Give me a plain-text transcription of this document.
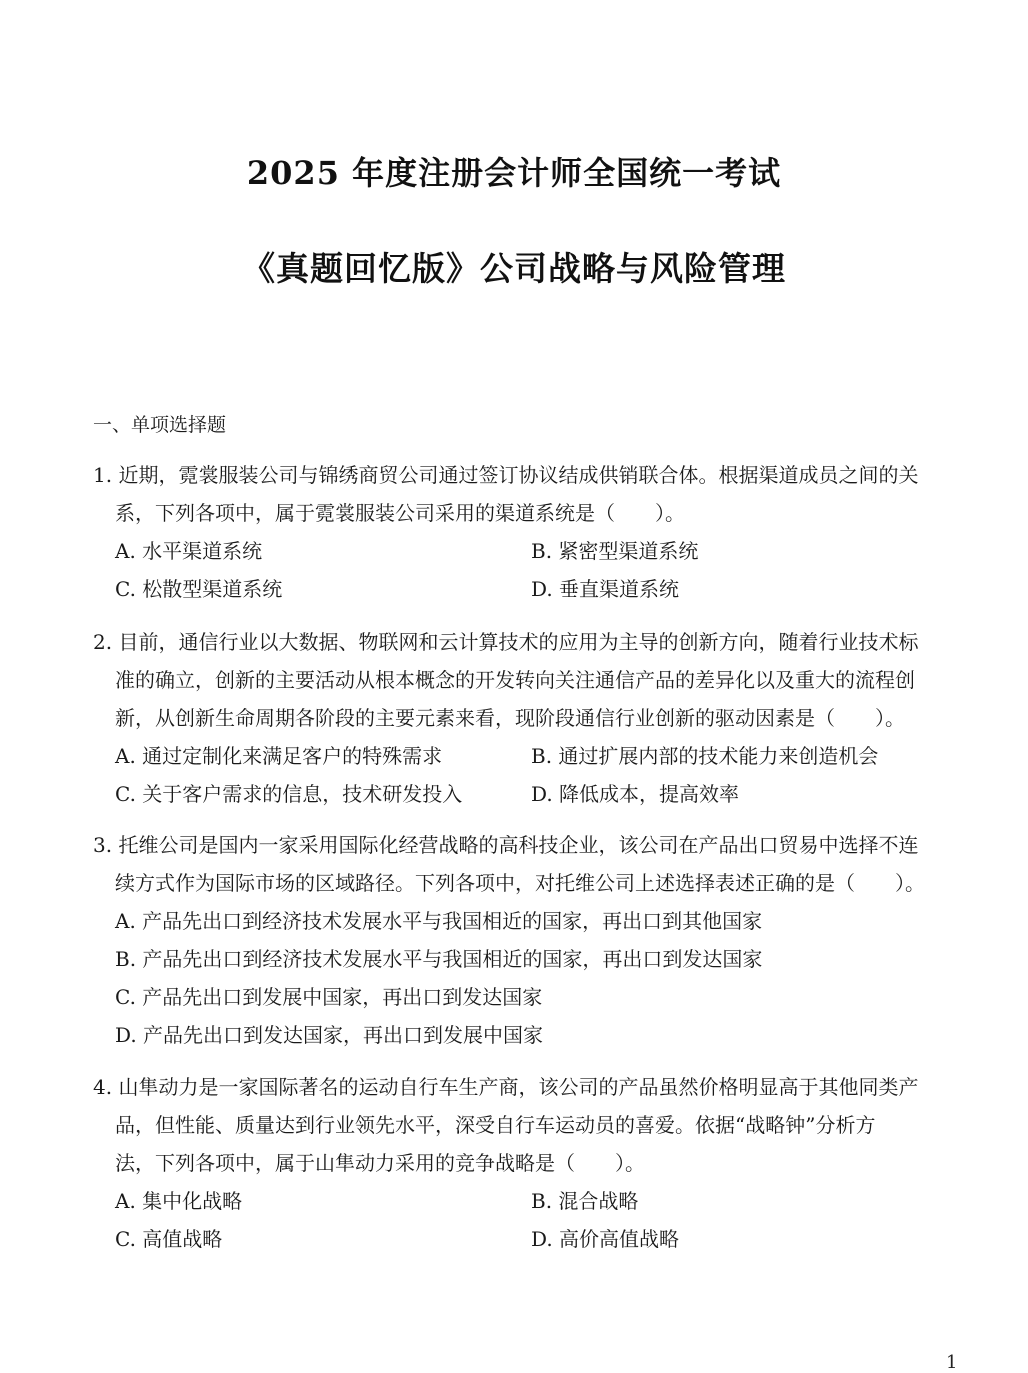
2025 年度注册会计师全国统一考试
《真题回忆版》公司战略与风险管理
一、单项选择题
1. 近期，霓裳服装公司与锦绣商贸公司通过签订协议结成供销联合体。根据渠道成员之间的关
系，下列各项中，属于霓裳服装公司采用的渠道系统是（　　）。
A. 水平渠道系统	B. 紧密型渠道系统
C. 松散型渠道系统	D. 垂直渠道系统
2. 目前，通信行业以大数据、物联网和云计算技术的应用为主导的创新方向，随着行业技术标
准的确立，创新的主要活动从根本概念的开发转向关注通信产品的差异化以及重大的流程创
新，从创新生命周期各阶段的主要元素来看，现阶段通信行业创新的驱动因素是（　　）。
A. 通过定制化来满足客户的特殊需求	B. 通过扩展内部的技术能力来创造机会
C. 关于客户需求的信息，技术研发投入	D. 降低成本，提高效率
3. 托维公司是国内一家采用国际化经营战略的高科技企业，该公司在产品出口贸易中选择不连
续方式作为国际市场的区域路径。下列各项中，对托维公司上述选择表述正确的是（　　）。
A. 产品先出口到经济技术发展水平与我国相近的国家，再出口到其他国家
B. 产品先出口到经济技术发展水平与我国相近的国家，再出口到发达国家
C. 产品先出口到发展中国家，再出口到发达国家
D. 产品先出口到发达国家，再出口到发展中国家
4. 山隼动力是一家国际著名的运动自行车生产商，该公司的产品虽然价格明显高于其他同类产
品，但性能、质量达到行业领先水平，深受自行车运动员的喜爱。依据“战略钟”分析方
法，下列各项中，属于山隼动力采用的竞争战略是（　　）。
A. 集中化战略	B. 混合战略
C. 高值战略	D. 高价高值战略
1
